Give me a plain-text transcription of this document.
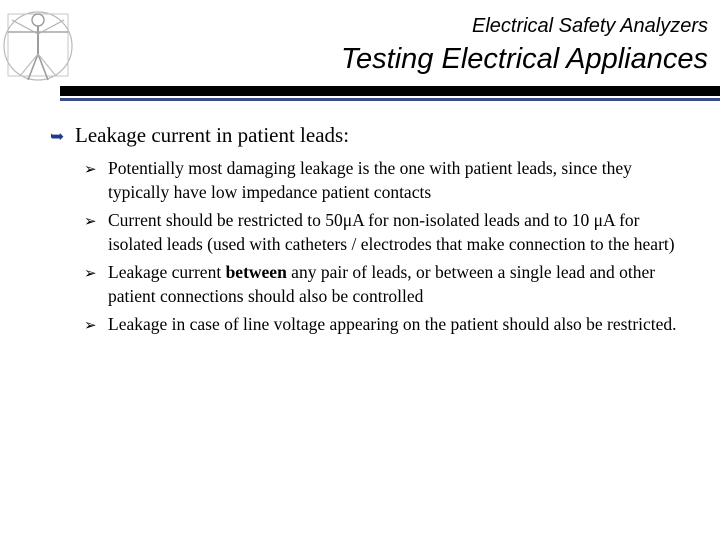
Electrical Safety Analyzers
Testing Electrical Appliances
➥ Leakage current in patient leads:
➢ Potentially most damaging leakage is the one with patient leads, since they typically have low impedance patient contacts
➢ Current should be restricted to 50μA for non-isolated leads and to 10 μA for isolated leads (used with catheters / electrodes that make connection to the heart)
➢ Leakage current between any pair of leads, or between a single lead and other patient connections should also be controlled
➢ Leakage in case of line voltage appearing on the patient should also be restricted.
